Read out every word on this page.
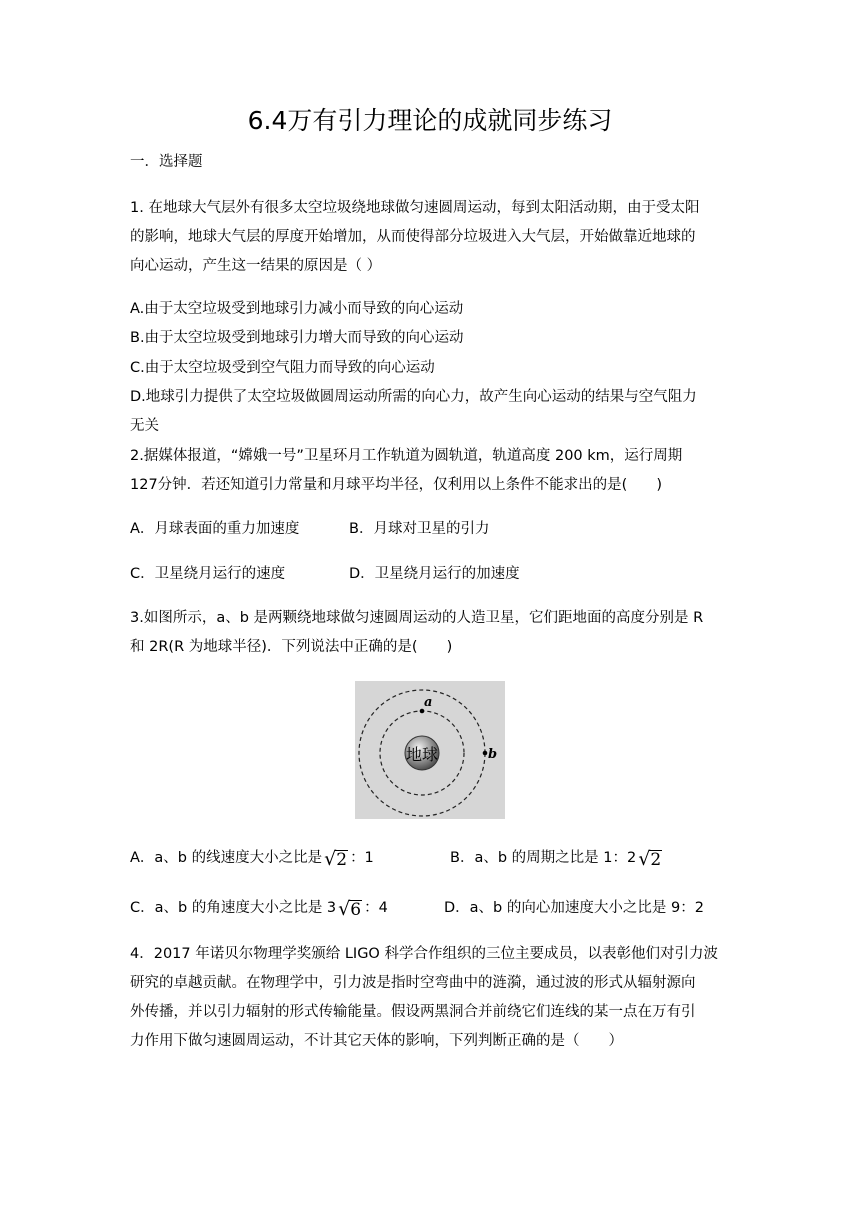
6.4万有引力理论的成就同步练习
一．选择题
1. 在地球大气层外有很多太空垃圾绕地球做匀速圆周运动，每到太阳活动期，由于受太阳
的影响，地球大气层的厚度开始增加，从而使得部分垃圾进入大气层，开始做靠近地球的
向心运动，产生这一结果的原因是（ ）
A.由于太空垃圾受到地球引力减小而导致的向心运动
B.由于太空垃圾受到地球引力增大而导致的向心运动
C.由于太空垃圾受到空气阻力而导致的向心运动
D.地球引力提供了太空垃圾做圆周运动所需的向心力，故产生向心运动的结果与空气阻力
无关
2.据媒体报道，“嫦娥一号”卫星环月工作轨道为圆轨道，轨道高度 200 km，运行周期
127分钟．若还知道引力常量和月球平均半径，仅利用以上条件不能求出的是(　　)
A．月球表面的重力加速度	B．月球对卫星的引力
C．卫星绕月运行的速度	D．卫星绕月运行的加速度
3.如图所示，a、b 是两颗绕地球做匀速圆周运动的人造卫星，它们距地面的高度分别是 R
和 2R(R 为地球半径)．下列说法中正确的是(　　)
地球
a
b
A．a、b 的线速度大小之比是 √2 ：1	B．a、b 的周期之比是 1：2 √2
C．a、b 的角速度大小之比是 3 √6 ：4	D．a、b 的向心加速度大小之比是 9：2
4．2017 年诺贝尔物理学奖颁给 LIGO 科学合作组织的三位主要成员，以表彰他们对引力波
研究的卓越贡献。在物理学中，引力波是指时空弯曲中的涟漪，通过波的形式从辐射源向
外传播，并以引力辐射的形式传输能量。假设两黑洞合并前绕它们连线的某一点在万有引
力作用下做匀速圆周运动，不计其它天体的影响，下列判断正确的是（　　）
